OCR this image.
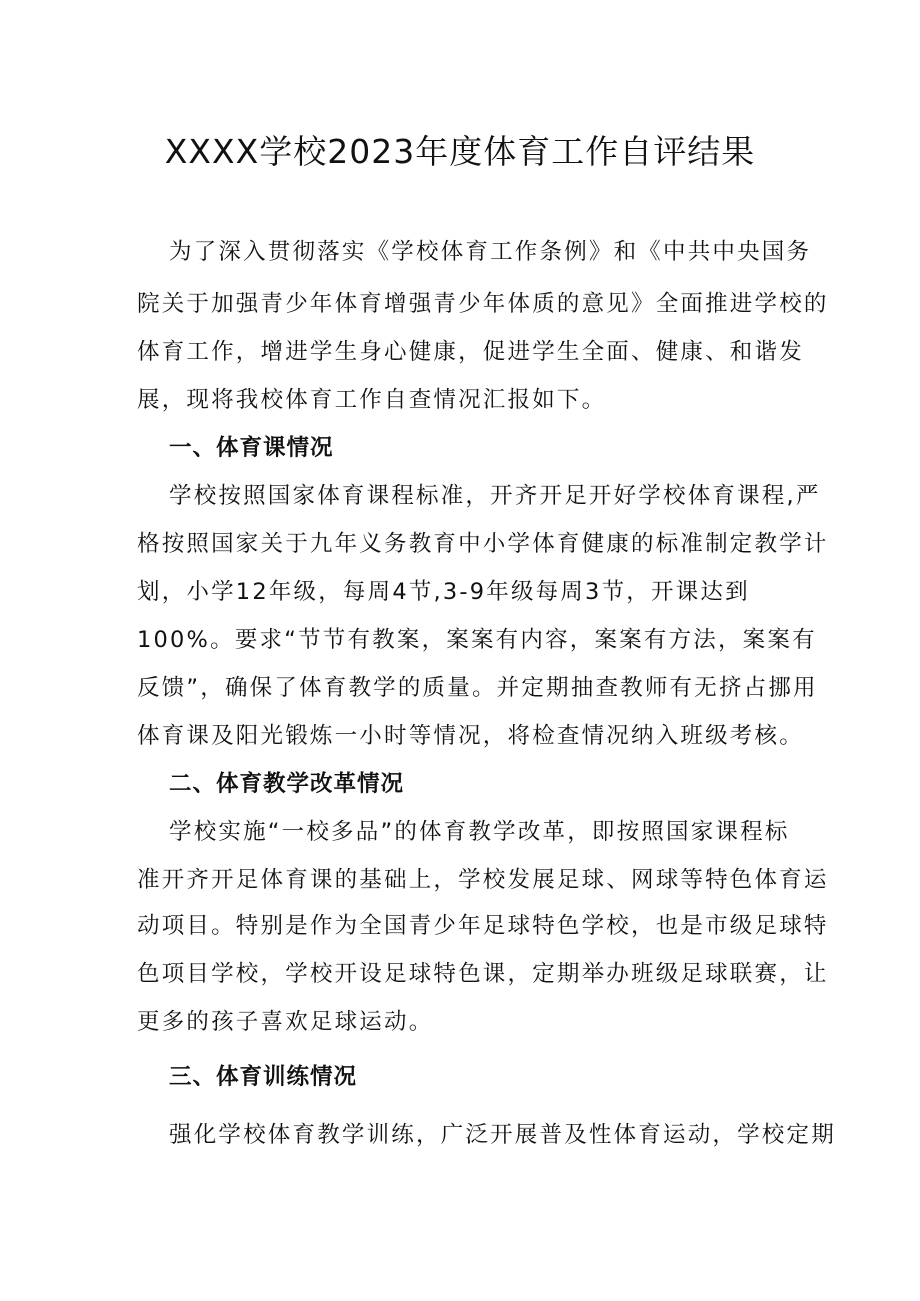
XXXX学校2023年度体育工作自评结果
为了深入贯彻落实《学校体育工作条例》和《中共中央国务
院关于加强青少年体育增强青少年体质的意见》全面推进学校的
体育工作，增进学生身心健康，促进学生全面、健康、和谐发
展，现将我校体育工作自查情况汇报如下。
一、体育课情况
学校按照国家体育课程标准，开齐开足开好学校体育课程,严
格按照国家关于九年义务教育中小学体育健康的标准制定教学计
划，小学12年级，每周4节,3-9年级每周3节，开课达到
100%。要求“节节有教案，案案有内容，案案有方法，案案有
反馈”，确保了体育教学的质量。并定期抽查教师有无挤占挪用
体育课及阳光锻炼一小时等情况，将检查情况纳入班级考核。
二、体育教学改革情况
学校实施“一校多品”的体育教学改革，即按照国家课程标
准开齐开足体育课的基础上，学校发展足球、网球等特色体育运
动项目。特别是作为全国青少年足球特色学校，也是市级足球特
色项目学校，学校开设足球特色课，定期举办班级足球联赛，让
更多的孩子喜欢足球运动。
三、体育训练情况
强化学校体育教学训练，广泛开展普及性体育运动，学校定期
